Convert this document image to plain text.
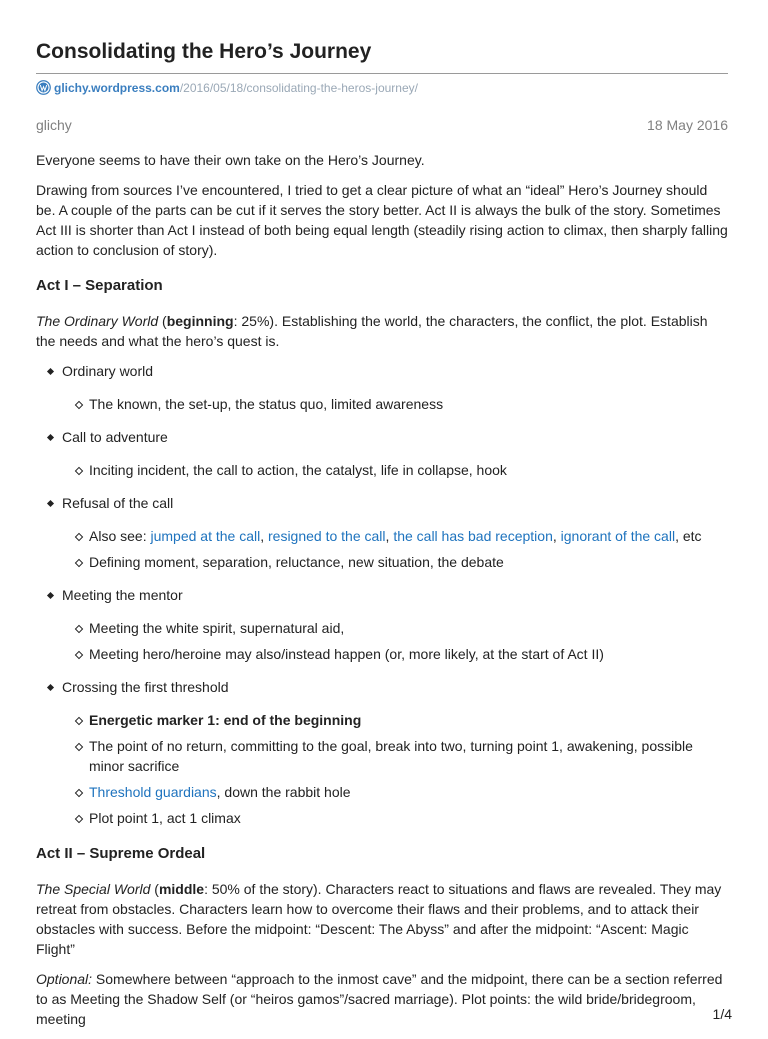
Consolidating the Hero’s Journey
glichy.wordpress.com /2016/05/18/consolidating-the-heros-journey/
glichy	18 May 2016

Everyone seems to have their own take on the Hero’s Journey.

Drawing from sources I’ve encountered, I tried to get a clear picture of what an “ideal” Hero’s Journey should be. A couple of the parts can be cut if it serves the story better. Act II is always the bulk of the story. Sometimes Act III is shorter than Act I instead of both being equal length (steadily rising action to climax, then sharply falling action to conclusion of story).

Act I – Separation

The Ordinary World (beginning: 25%). Establishing the world, the characters, the conflict, the plot. Establish the needs and what the hero’s quest is.

Ordinary world
The known, the set-up, the status quo, limited awareness
Call to adventure
Inciting incident, the call to action, the catalyst, life in collapse, hook
Refusal of the call
Also see: jumped at the call, resigned to the call, the call has bad reception, ignorant of the call, etc
Defining moment, separation, reluctance, new situation, the debate
Meeting the mentor
Meeting the white spirit, supernatural aid,
Meeting hero/heroine may also/instead happen (or, more likely, at the start of Act II)
Crossing the first threshold
Energetic marker 1: end of the beginning
The point of no return, committing to the goal, break into two, turning point 1, awakening, possible minor sacrifice
Threshold guardians, down the rabbit hole
Plot point 1, act 1 climax
Act II – Supreme Ordeal

The Special World (middle: 50% of the story). Characters react to situations and flaws are revealed. They may retreat from obstacles. Characters learn how to overcome their flaws and their problems, and to attack their obstacles with success. Before the midpoint: “Descent: The Abyss” and after the midpoint: “Ascent: Magic Flight”

Optional: Somewhere between “approach to the inmost cave” and the midpoint, there can be a section referred to as Meeting the Shadow Self (or “heiros gamos”/sacred marriage). Plot points: the wild bride/bridegroom, meeting	1/4
